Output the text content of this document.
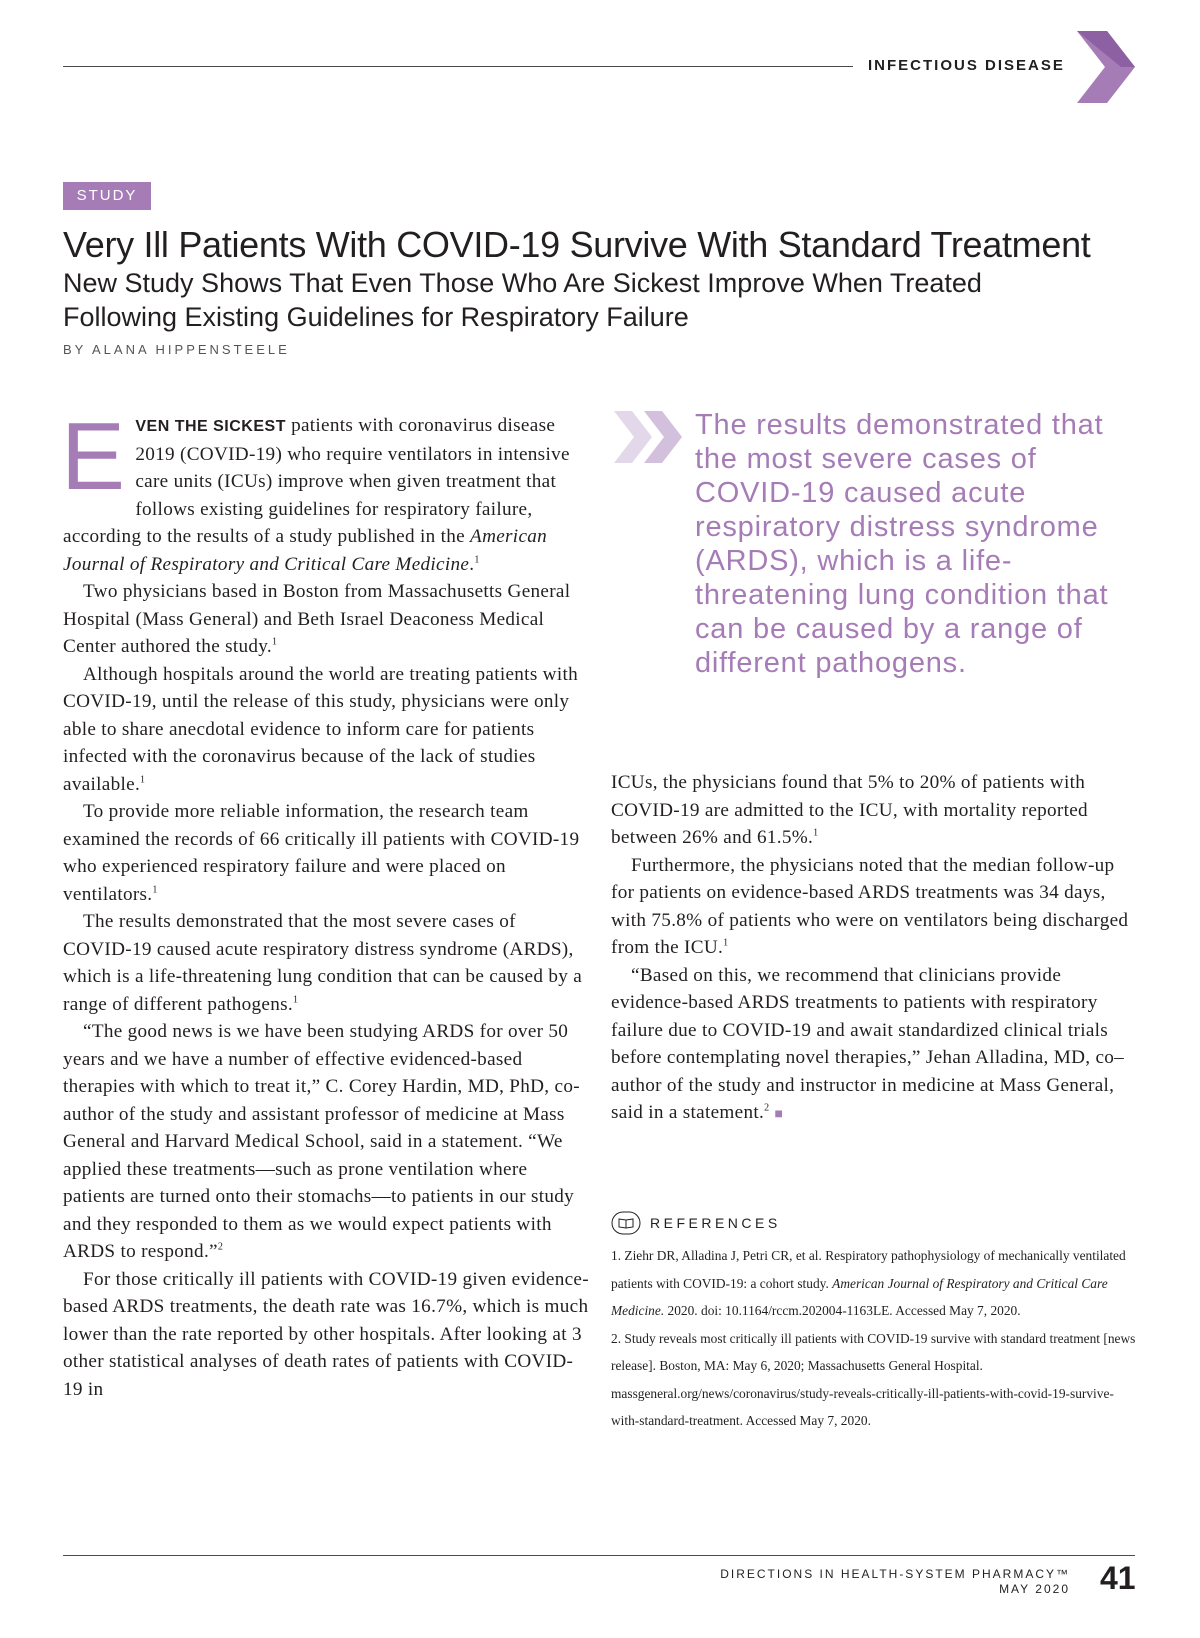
INFECTIOUS DISEASE
STUDY
Very Ill Patients With COVID-19 Survive With Standard Treatment
New Study Shows That Even Those Who Are Sickest Improve When Treated
Following Existing Guidelines for Respiratory Failure
BY ALANA HIPPENSTEELE

EVEN THE SICKEST patients with coronavirus disease 2019 (COVID-19) who require ventilators in intensive care units (ICUs) improve when given treatment that follows existing guidelines for respiratory failure, according to the results of a study published in the American Journal of Respiratory and Critical Care Medicine.$^1$

Two physicians based in Boston from Massachusetts General Hospital (Mass General) and Beth Israel Deaconess Medical Center authored the study.$^1$

Although hospitals around the world are treating patients with COVID-19, until the release of this study, physicians were only able to share anecdotal evidence to inform care for patients infected with the coronavirus because of the lack of studies available.$^1$

To provide more reliable information, the research team examined the records of 66 critically ill patients with COVID-19 who experienced respiratory failure and were placed on ventilators.$^1$

The results demonstrated that the most severe cases of COVID-19 caused acute respiratory distress syndrome (ARDS), which is a life-threatening lung condition that can be caused by a range of different pathogens.$^1$

“The good news is we have been studying ARDS for over 50 years and we have a number of effective evidenced-based therapies with which to treat it,” C. Corey Hardin, MD, PhD, co-author of the study and assistant professor of medicine at Mass General and Harvard Medical School, said in a statement. “We applied these treatments—such as prone ventilation where patients are turned onto their stomachs—to patients in our study and they responded to them as we would expect patients with ARDS to respond.”$^2$

For those critically ill patients with COVID-19 given evidence-based ARDS treatments, the death rate was 16.7%, which is much lower than the rate reported by other hospitals. After looking at 3 other statistical analyses of death rates of patients with COVID-19 in

The results demonstrated that the most severe cases of COVID-19 caused acute respiratory distress syndrome (ARDS), which is a life-threatening lung condition that can be caused by a range of different pathogens.

ICUs, the physicians found that 5% to 20% of patients with COVID-19 are admitted to the ICU, with mortality reported between 26% and 61.5%.$^1$

Furthermore, the physicians noted that the median follow-up for patients on evidence-based ARDS treatments was 34 days, with 75.8% of patients who were on ventilators being discharged from the ICU.$^1$

“Based on this, we recommend that clinicians provide evidence-based ARDS treatments to patients with respiratory failure due to COVID-19 and await standardized clinical trials before contemplating novel therapies,” Jehan Alladina, MD, co–author of the study and instructor in medicine at Mass General, said in a statement.$^2$ ■

REFERENCES

1. Ziehr DR, Alladina J, Petri CR, et al. Respiratory pathophysiology of mechanically ventilated patients with COVID-19: a cohort study. American Journal of Respiratory and Critical Care Medicine. 2020. doi: 10.1164/rccm.202004-1163LE. Accessed May 7, 2020.

2. Study reveals most critically ill patients with COVID-19 survive with standard treatment [news release]. Boston, MA: May 6, 2020; Massachusetts General Hospital. massgeneral.org/news/coronavirus/study-reveals-critically-ill-patients-with-covid-19-survive-with-standard-treatment. Accessed May 7, 2020.

DIRECTIONS IN HEALTH-SYSTEM PHARMACY™
MAY 2020 41
